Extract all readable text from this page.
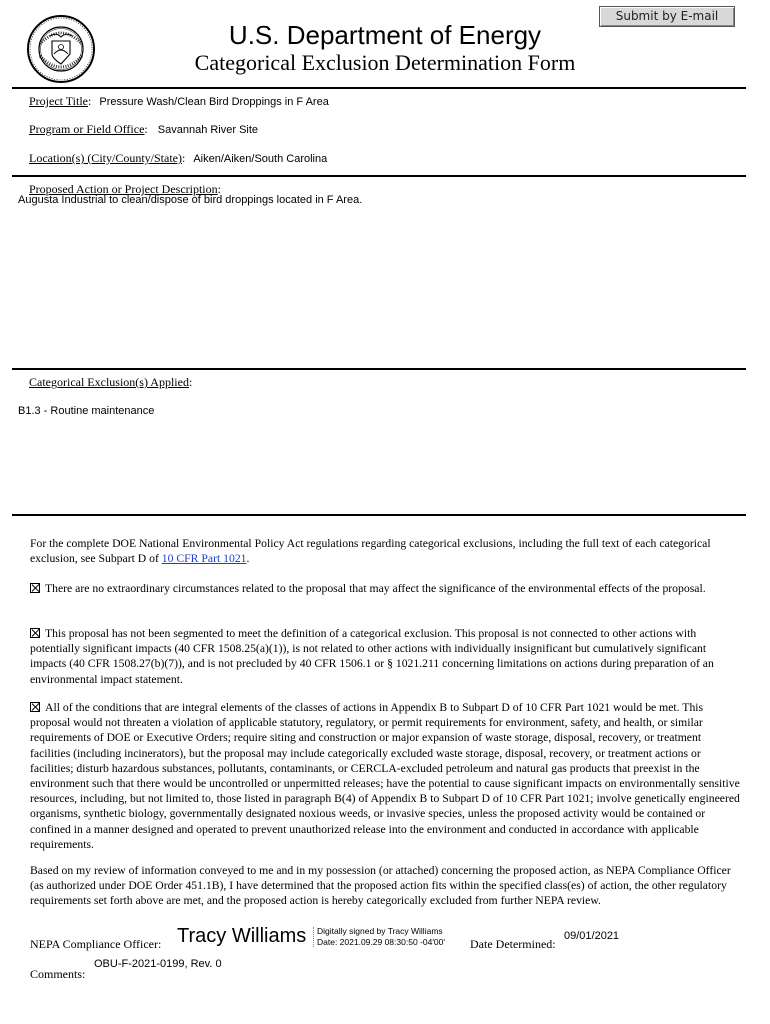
U.S. Department of Energy
Categorical Exclusion Determination Form
Submit by E-mail
Project Title: Pressure Wash/Clean Bird Droppings in F Area
Program or Field Office: Savannah River Site
Location(s) (City/County/State): Aiken/Aiken/South Carolina
Proposed Action or Project Description:
Augusta Industrial to clean/dispose of bird droppings located in F Area.
Categorical Exclusion(s) Applied:
B1.3 - Routine maintenance
For the complete DOE National Environmental Policy Act regulations regarding categorical exclusions, including the full text of each categorical exclusion, see Subpart D of 10 CFR Part 1021.
There are no extraordinary circumstances related to the proposal that may affect the significance of the environmental effects of the proposal.
This proposal has not been segmented to meet the definition of a categorical exclusion. This proposal is not connected to other actions with potentially significant impacts (40 CFR 1508.25(a)(1)), is not related to other actions with individually insignificant but cumulatively significant impacts (40 CFR 1508.27(b)(7)), and is not precluded by 40 CFR 1506.1 or § 1021.211 concerning limitations on actions during preparation of an environmental impact statement.
All of the conditions that are integral elements of the classes of actions in Appendix B to Subpart D of 10 CFR Part 1021 would be met. This proposal would not threaten a violation of applicable statutory, regulatory, or permit requirements for environment, safety, and health, or similar requirements of DOE or Executive Orders; require siting and construction or major expansion of waste storage, disposal, recovery, or treatment facilities (including incinerators), but the proposal may include categorically excluded waste storage, disposal, recovery, or treatment actions or facilities; disturb hazardous substances, pollutants, contaminants, or CERCLA-excluded petroleum and natural gas products that preexist in the environment such that there would be uncontrolled or unpermitted releases; have the potential to cause significant impacts on environmentally sensitive resources, including, but not limited to, those listed in paragraph B(4) of Appendix B to Subpart D of 10 CFR Part 1021; involve genetically engineered organisms, synthetic biology, governmentally designated noxious weeds, or invasive species, unless the proposed activity would be contained or confined in a manner designed and operated to prevent unauthorized release into the environment and conducted in accordance with applicable requirements.
Based on my review of information conveyed to me and in my possession (or attached) concerning the proposed action, as NEPA Compliance Officer (as authorized under DOE Order 451.1B), I have determined that the proposed action fits within the specified class(es) of action, the other regulatory requirements set forth above are met, and the proposed action is hereby categorically excluded from further NEPA review.
NEPA Compliance Officer: Tracy Williams Digitally signed by Tracy Williams
Date: 2021.09.29 08:30:50 -04'00' Date Determined:
09/01/2021
Comments:
OBU-F-2021-0199, Rev. 0
